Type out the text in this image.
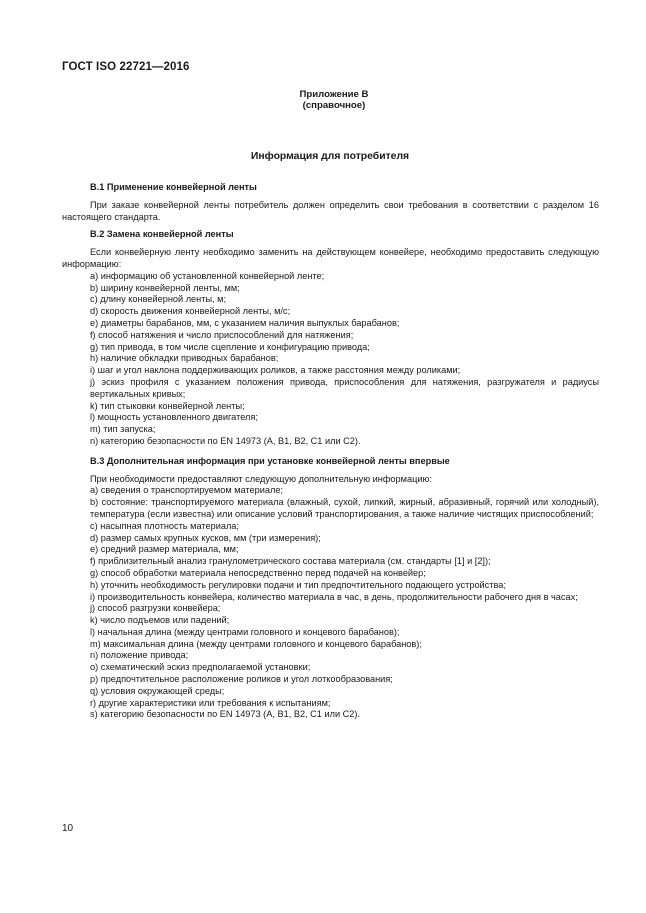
ГОСТ ISO 22721—2016
Приложение В
(справочное)
Информация для потребителя

В.1 Применение конвейерной ленты

При заказе конвейерной ленты потребитель должен определить свои требования в соответствии с разделом 16 настоящего стандарта.

В.2 Замена конвейерной ленты

Если конвейерную ленту необходимо заменить на действующем конвейере, необходимо предоставить следующую информацию:

а) информацию об установленной конвейерной ленте;

b) ширину конвейерной ленты, мм;

с) длину конвейерной ленты, м;

d) скорость движения конвейерной ленты, м/с;

е) диаметры барабанов, мм, с указанием наличия выпуклых барабанов;

f) способ натяжения и число приспособлений для натяжения;

g) тип привода, в том числе сцепление и конфигурацию привода;

h) наличие обкладки приводных барабанов;

i) шаг и угол наклона поддерживающих роликов, а также расстояния между роликами;

j) эскиз профиля с указанием положения привода, приспособления для натяжения, разгружателя и радиусы вертикальных кривых;

k) тип стыковки конвейерной ленты;

l) мощность установленного двигателя;

m) тип запуска;

n) категорию безопасности по EN 14973 (А, В1, В2, С1 или С2).

В.3 Дополнительная информация при установке конвейерной ленты впервые

При необходимости предоставляют следующую дополнительную информацию:

а) сведения о транспортируемом материале;

b) состояние: транспортируемого материала (влажный, сухой, липкий, жирный, абразивный, горячий или холодный), температура (если известна) или описание условий транспортирования, а также наличие чистящих приспособлений;

с) насыпная плотность материала;

d) размер самых крупных кусков, мм (три измерения);

е) средний размер материала, мм;

f) приблизительный анализ гранулометрического состава материала (см. стандарты [1] и [2]);

g) способ обработки материала непосредственно перед подачей на конвейер;

h) уточнить необходимость регулировки подачи и тип предпочтительного подающего устройства;

i) производительность конвейера, количество материала в час, в день, продолжительности рабочего дня в часах;

j) способ разгрузки конвейера;

k) число подъемов или падений;

l) начальная длина (между центрами головного и концевого барабанов);

m) максимальная длина (между центрами головного и концевого барабанов);

n) положение привода;

о) схематический эскиз предполагаемой установки;

р) предпочтительное расположение роликов и угол лоткообразования;

q) условия окружающей среды;

r) другие характеристики или требования к испытаниям;

s) категорию безопасности по EN 14973 (А, В1, В2, С1 или С2).

10
